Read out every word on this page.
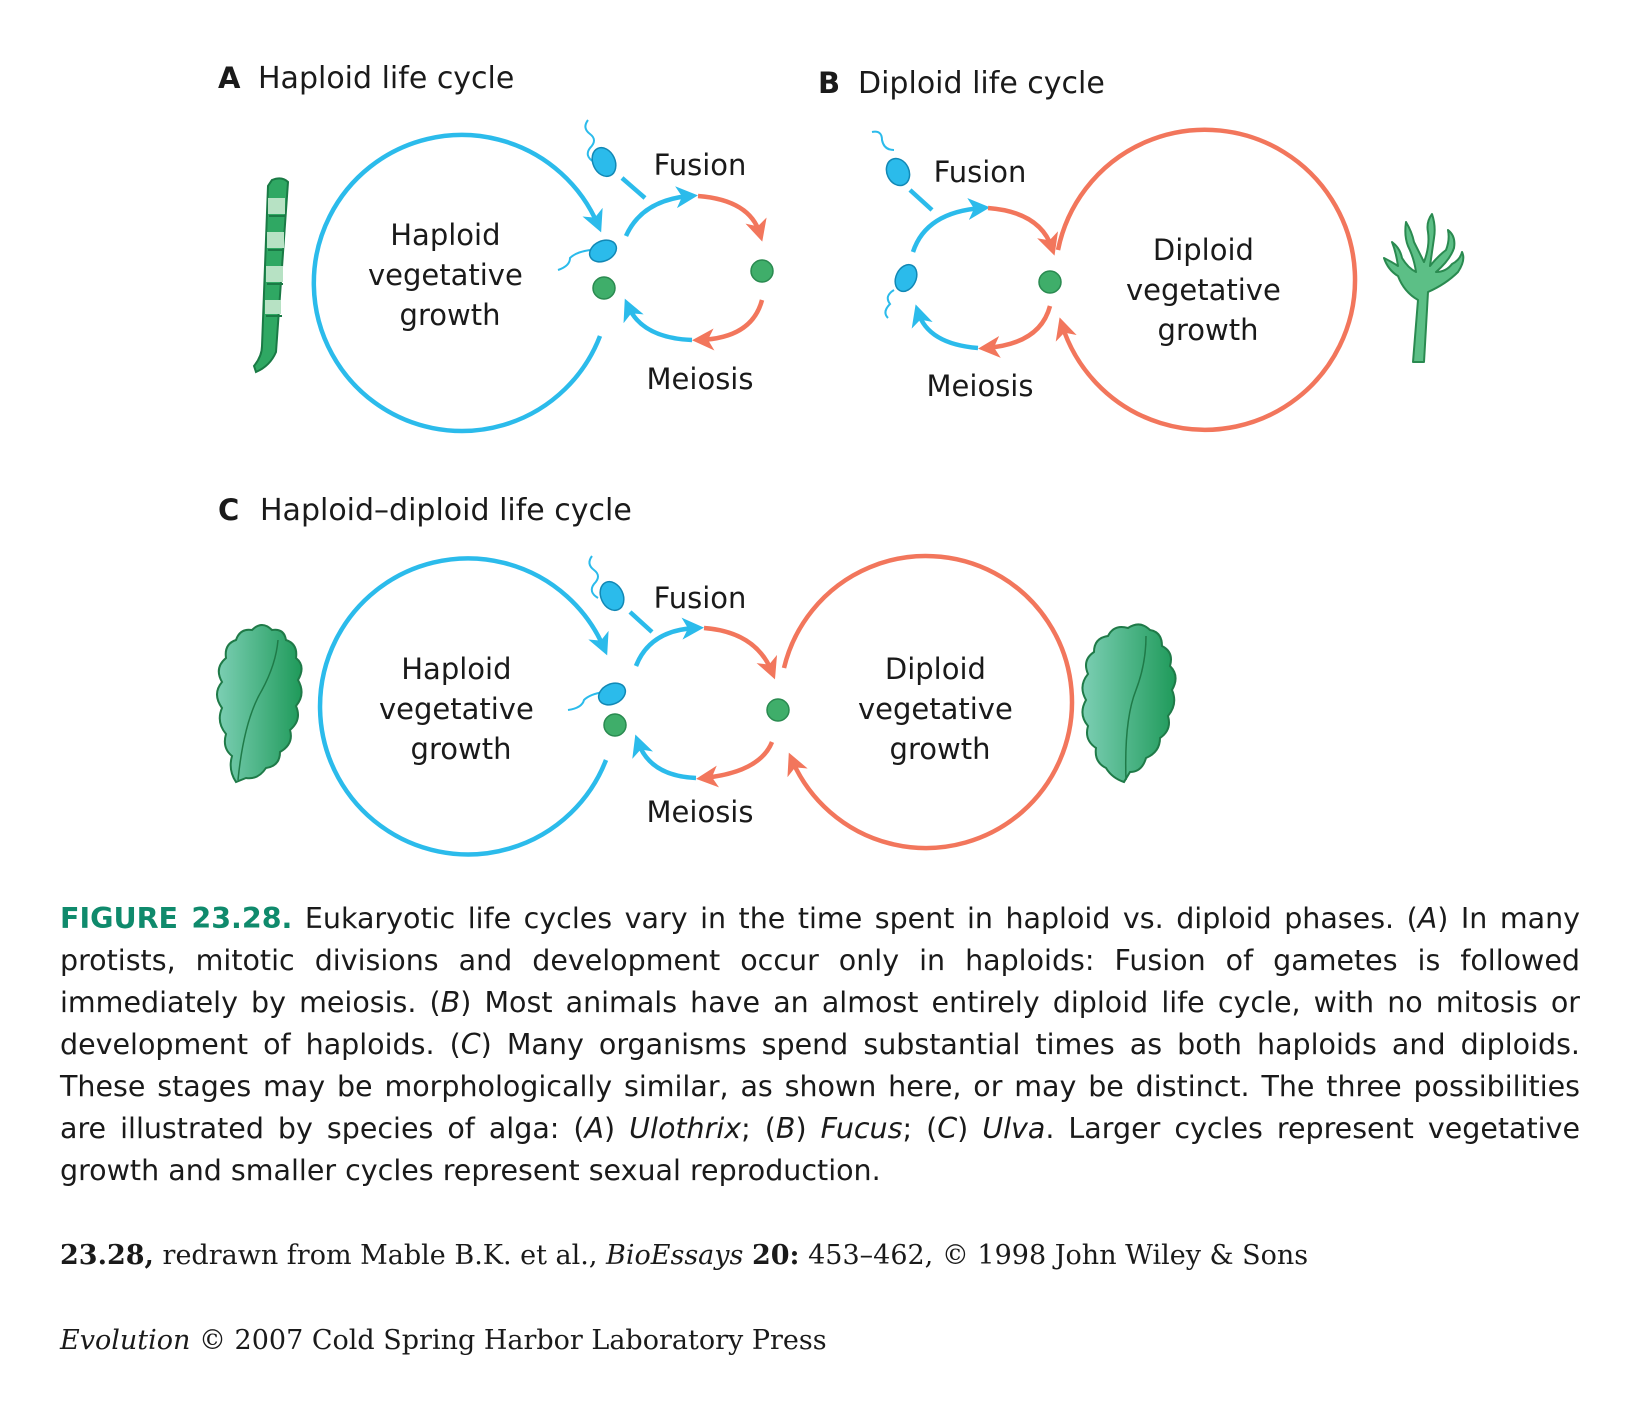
A Haploid life cycle
Haploid vegetative growth
Fusion
Meiosis
B Diploid life cycle
Fusion
Meiosis
Diploid vegetative growth
C Haploid–diploid life cycle
Haploid vegetative growth
Fusion
Meiosis
Diploid vegetative growth
FIGURE 23.28. Eukaryotic life cycles vary in the time spent in haploid vs. diploid phases. (A) In many protists, mitotic divisions and development occur only in haploids: Fusion of gametes is followed immediately by meiosis. (B) Most animals have an almost entirely diploid life cycle, with no mitosis or development of haploids. (C) Many organisms spend substantial times as both haploids and diploids. These stages may be morphologically similar, as shown here, or may be distinct. The three possibilities are illustrated by species of alga: (A) Ulothrix; (B) Fucus; (C) Ulva. Larger cycles represent vegetative growth and smaller cycles represent sexual reproduction.
23.28, redrawn from Mable B.K. et al., BioEssays 20: 453–462, © 1998 John Wiley & Sons
Evolution © 2007 Cold Spring Harbor Laboratory Press
